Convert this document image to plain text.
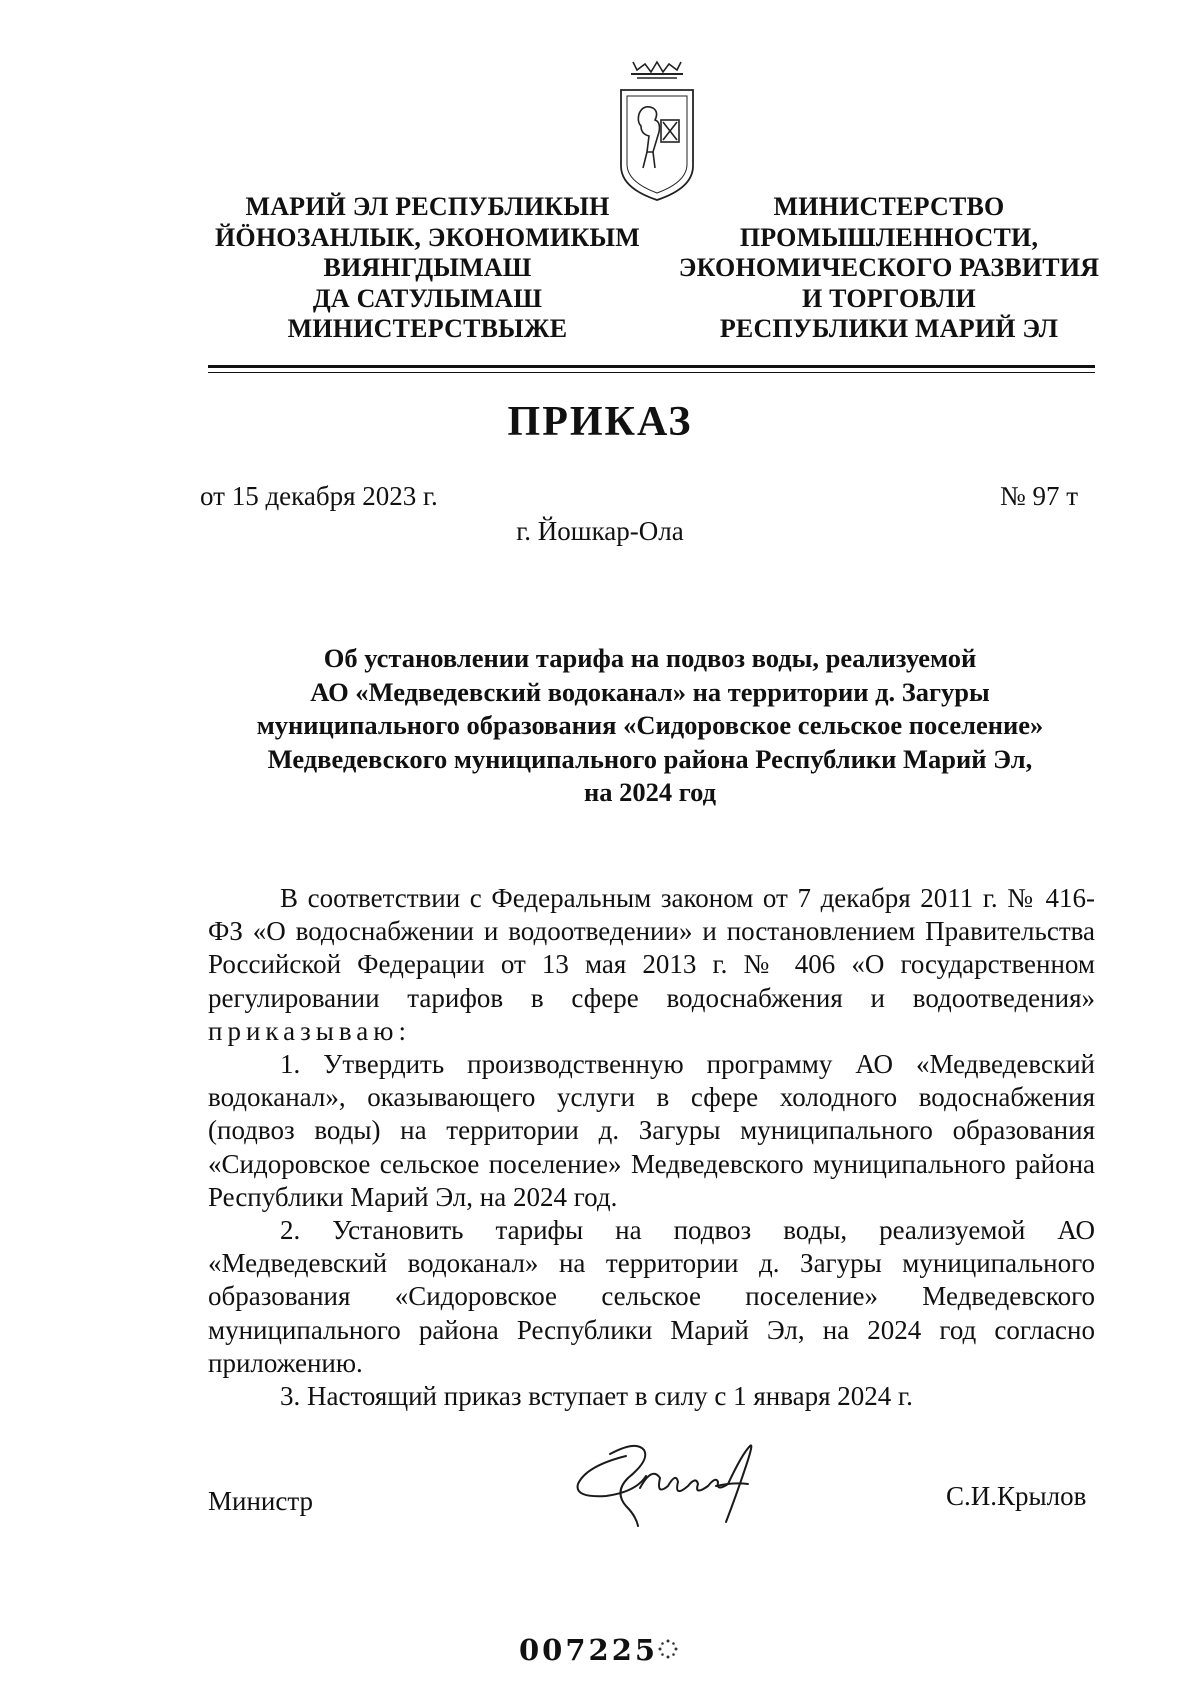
МАРИЙ ЭЛ РЕСПУБЛИКЫН
ЙÖНОЗАНЛЫК, ЭКОНОМИКЫМ
ВИЯНГДЫМАШ
ДА САТУЛЫМАШ
МИНИСТЕРСТВЫЖЕ
МИНИСТЕРСТВО
ПРОМЫШЛЕННОСТИ,
ЭКОНОМИЧЕСКОГО РАЗВИТИЯ
И ТОРГОВЛИ
РЕСПУБЛИКИ МАРИЙ ЭЛ
ПРИКАЗ
от 15 декабря 2023 г.	№ 97 т
г. Йошкар-Ола
Об установлении тарифа на подвоз воды, реализуемой
АО «Медведевский водоканал» на территории д. Загуры
муниципального образования «Сидоровское сельское поселение»
Медведевского муниципального района Республики Марий Эл,
на 2024 год

В соответствии с Федеральным законом от 7 декабря 2011 г. № 416-ФЗ «О водоснабжении и водоотведении» и постановлением Правительства Российской Федерации от 13 мая 2013 г. № 406 «О государственном регулировании тарифов в сфере водоснабжения и водоотведения» приказываю:

1. Утвердить производственную программу АО «Медведевский водоканал», оказывающего услуги в сфере холодного водоснабжения (подвоз воды) на территории д. Загуры муниципального образования «Сидоровское сельское поселение» Медведевского муниципального района Республики Марий Эл, на 2024 год.

2. Установить тарифы на подвоз воды, реализуемой АО «Медведевский водоканал» на территории д. Загуры муниципального образования «Сидоровское сельское поселение» Медведевского муниципального района Республики Марий Эл, на 2024 год согласно приложению.

3. Настоящий приказ вступает в силу с 1 января 2024 г.

Министр	С.И.Крылов
007225
